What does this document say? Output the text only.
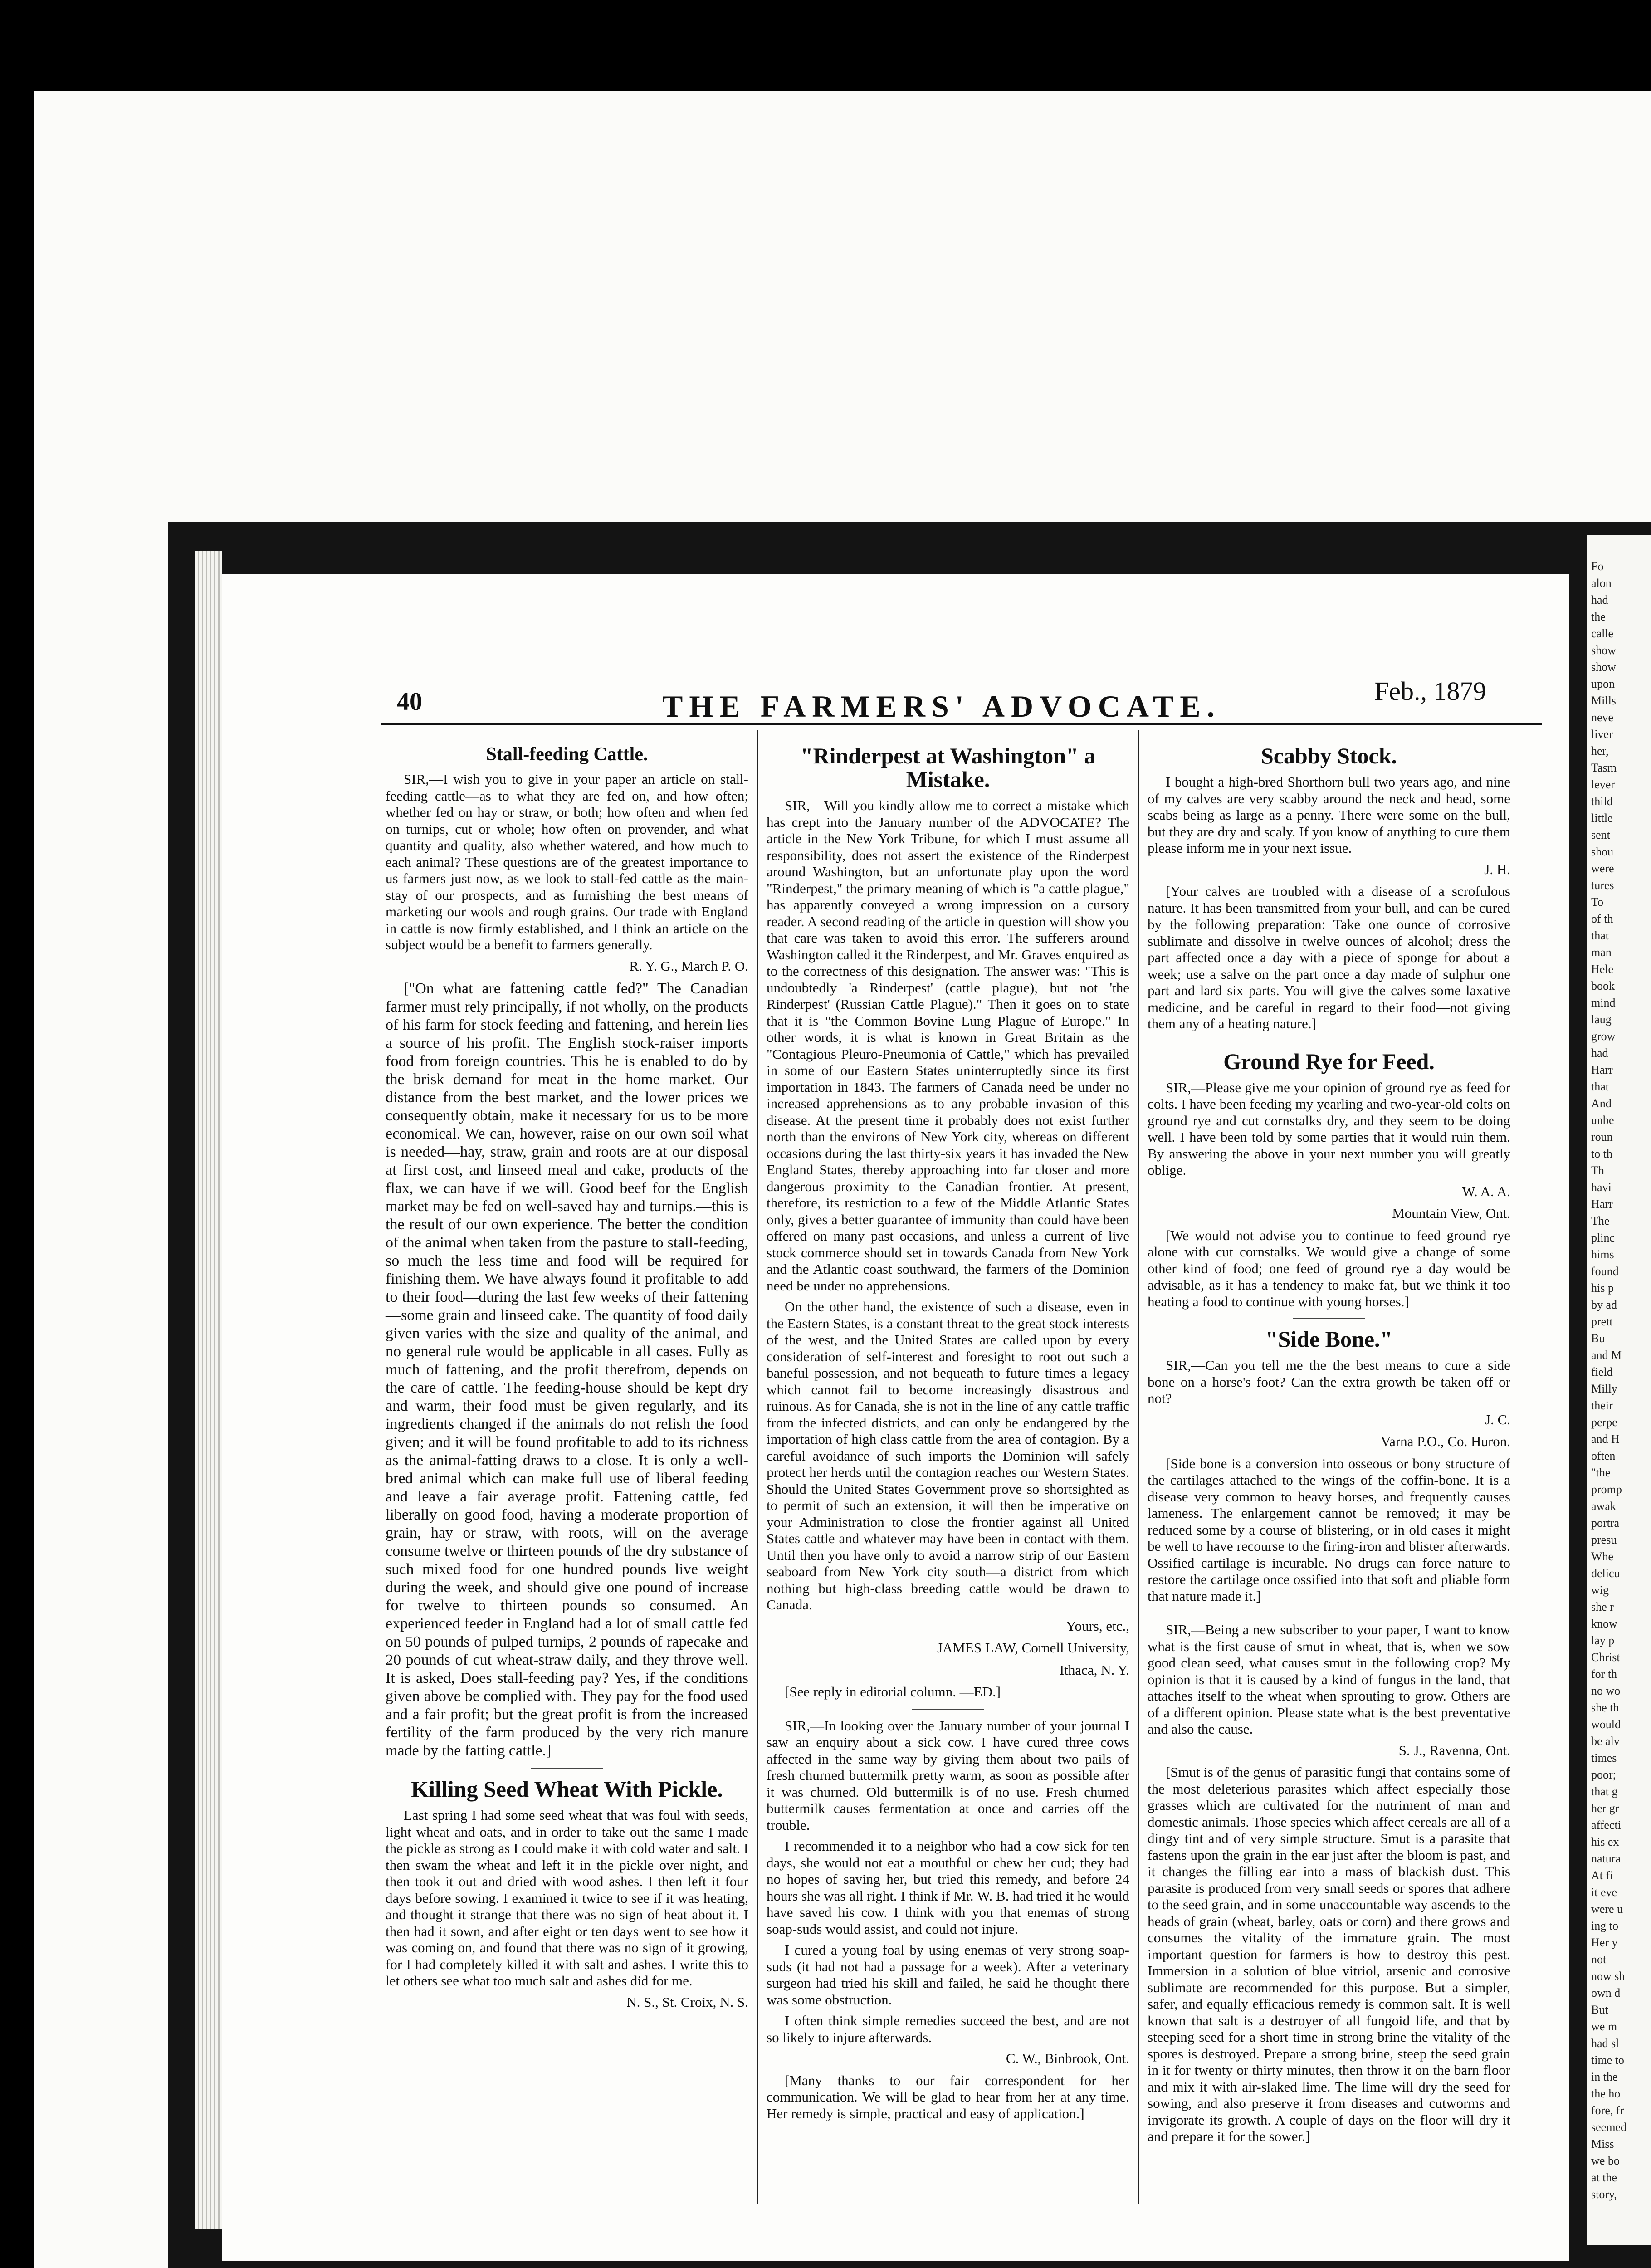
Fo
alon
had
the
calle
show
show
upon
Mills
neve
liver
her,
Tasm
lever
thild
little
sent
shou
were
tures
To
of th
that
man
Hele
book
mind
laug
grow
had
Harr
that
And
unbe
roun
to th
Th
havi
Harr
The
plinc
hims
found
his p
by ad
prett
Bu
and M
field
Milly
their
perpe
and H
often
"the
promp
awak
portra
presu
Whe
delicu
wig
she r
know
lay p
Christ
for th
no wo
she th
would
be alv
times
poor;
that g
her gr
affecti
his ex
natura
At fi
it eve
were u
ing to
Her y
not
now sh
own d
But
we m
had sl
time to
in the
the ho
fore, fr
seemed
Miss
we bo
at the
story,
40	THE FARMERS' ADVOCATE.	Feb., 1879
Stall-feeding Cattle.

SIR,—I wish you to give in your paper an article on stall-feeding cattle—as to what they are fed on, and how often; whether fed on hay or straw, or both; how often and when fed on turnips, cut or whole; how often on provender, and what quantity and quality, also whether watered, and how much to each animal? These questions are of the greatest importance to us farmers just now, as we look to stall-fed cattle as the main-stay of our prospects, and as furnishing the best means of marketing our wools and rough grains. Our trade with England in cattle is now firmly established, and I think an article on the subject would be a benefit to farmers generally.

R. Y. G., March P. O.

["On what are fattening cattle fed?" The Canadian farmer must rely principally, if not wholly, on the products of his farm for stock feeding and fattening, and herein lies a source of his profit. The English stock-raiser imports food from foreign countries. This he is enabled to do by the brisk demand for meat in the home market. Our distance from the best market, and the lower prices we consequently obtain, make it necessary for us to be more economical. We can, however, raise on our own soil what is needed—hay, straw, grain and roots are at our disposal at first cost, and linseed meal and cake, products of the flax, we can have if we will. Good beef for the English market may be fed on well-saved hay and turnips.—this is the result of our own experience. The better the condition of the animal when taken from the pasture to stall-feeding, so much the less time and food will be required for finishing them. We have always found it profitable to add to their food—during the last few weeks of their fattening—some grain and linseed cake. The quantity of food daily given varies with the size and quality of the animal, and no general rule would be applicable in all cases. Fully as much of fattening, and the profit therefrom, depends on the care of cattle. The feeding-house should be kept dry and warm, their food must be given regularly, and its ingredients changed if the animals do not relish the food given; and it will be found profitable to add to its richness as the animal-fatting draws to a close. It is only a well-bred animal which can make full use of liberal feeding and leave a fair average profit. Fattening cattle, fed liberally on good food, having a moderate proportion of grain, hay or straw, with roots, will on the average consume twelve or thirteen pounds of the dry substance of such mixed food for one hundred pounds live weight during the week, and should give one pound of increase for twelve to thirteen pounds so consumed. An experienced feeder in England had a lot of small cattle fed on 50 pounds of pulped turnips, 2 pounds of rapecake and 20 pounds of cut wheat-straw daily, and they throve well. It is asked, Does stall-feeding pay? Yes, if the conditions given above be complied with. They pay for the food used and a fair profit; but the great profit is from the increased fertility of the farm produced by the very rich manure made by the fatting cattle.]

Killing Seed Wheat With Pickle.

Last spring I had some seed wheat that was foul with seeds, light wheat and oats, and in order to take out the same I made the pickle as strong as I could make it with cold water and salt. I then swam the wheat and left it in the pickle over night, and then took it out and dried with wood ashes. I then left it four days before sowing. I examined it twice to see if it was heating, and thought it strange that there was no sign of heat about it. I then had it sown, and after eight or ten days went to see how it was coming on, and found that there was no sign of it growing, for I had completely killed it with salt and ashes. I write this to let others see what too much salt and ashes did for me.

N. S., St. Croix, N. S.

"Rinderpest at Washington" a Mistake.

SIR,—Will you kindly allow me to correct a mistake which has crept into the January number of the ADVOCATE? The article in the New York Tribune, for which I must assume all responsibility, does not assert the existence of the Rinderpest around Washington, but an unfortunate play upon the word "Rinderpest," the primary meaning of which is "a cattle plague," has apparently conveyed a wrong impression on a cursory reader. A second reading of the article in question will show you that care was taken to avoid this error. The sufferers around Washington called it the Rinderpest, and Mr. Graves enquired as to the correctness of this designation. The answer was: "This is undoubtedly 'a Rinderpest' (cattle plague), but not 'the Rinderpest' (Russian Cattle Plague)." Then it goes on to state that it is "the Common Bovine Lung Plague of Europe." In other words, it is what is known in Great Britain as the "Contagious Pleuro-Pneumonia of Cattle," which has prevailed in some of our Eastern States uninterruptedly since its first importation in 1843. The farmers of Canada need be under no increased apprehensions as to any probable invasion of this disease. At the present time it probably does not exist further north than the environs of New York city, whereas on different occasions during the last thirty-six years it has invaded the New England States, thereby approaching into far closer and more dangerous proximity to the Canadian frontier. At present, therefore, its restriction to a few of the Middle Atlantic States only, gives a better guarantee of immunity than could have been offered on many past occasions, and unless a current of live stock commerce should set in towards Canada from New York and the Atlantic coast southward, the farmers of the Dominion need be under no apprehensions.

On the other hand, the existence of such a disease, even in the Eastern States, is a constant threat to the great stock interests of the west, and the United States are called upon by every consideration of self-interest and foresight to root out such a baneful possession, and not bequeath to future times a legacy which cannot fail to become increasingly disastrous and ruinous. As for Canada, she is not in the line of any cattle traffic from the infected districts, and can only be endangered by the importation of high class cattle from the area of contagion. By a careful avoidance of such imports the Dominion will safely protect her herds until the contagion reaches our Western States. Should the United States Government prove so shortsighted as to permit of such an extension, it will then be imperative on your Administration to close the frontier against all United States cattle and whatever may have been in contact with them. Until then you have only to avoid a narrow strip of our Eastern seaboard from New York city south—a district from which nothing but high-class breeding cattle would be drawn to Canada.

Yours, etc.,

JAMES LAW, Cornell University,

Ithaca, N. Y.

[See reply in editorial column. —ED.]

SIR,—In looking over the January number of your journal I saw an enquiry about a sick cow. I have cured three cows affected in the same way by giving them about two pails of fresh churned buttermilk pretty warm, as soon as possible after it was churned. Old buttermilk is of no use. Fresh churned buttermilk causes fermentation at once and carries off the trouble.

I recommended it to a neighbor who had a cow sick for ten days, she would not eat a mouthful or chew her cud; they had no hopes of saving her, but tried this remedy, and before 24 hours she was all right. I think if Mr. W. B. had tried it he would have saved his cow. I think with you that enemas of strong soap-suds would assist, and could not injure.

I cured a young foal by using enemas of very strong soap-suds (it had not had a passage for a week). After a veterinary surgeon had tried his skill and failed, he said he thought there was some obstruction.

I often think simple remedies succeed the best, and are not so likely to injure afterwards.

C. W., Binbrook, Ont.

[Many thanks to our fair correspondent for her communication. We will be glad to hear from her at any time. Her remedy is simple, practical and easy of application.]

Scabby Stock.

I bought a high-bred Shorthorn bull two years ago, and nine of my calves are very scabby around the neck and head, some scabs being as large as a penny. There were some on the bull, but they are dry and scaly. If you know of anything to cure them please inform me in your next issue.

J. H.

[Your calves are troubled with a disease of a scrofulous nature. It has been transmitted from your bull, and can be cured by the following preparation: Take one ounce of corrosive sublimate and dissolve in twelve ounces of alcohol; dress the part affected once a day with a piece of sponge for about a week; use a salve on the part once a day made of sulphur one part and lard six parts. You will give the calves some laxative medicine, and be careful in regard to their food—not giving them any of a heating nature.]

Ground Rye for Feed.

SIR,—Please give me your opinion of ground rye as feed for colts. I have been feeding my yearling and two-year-old colts on ground rye and cut cornstalks dry, and they seem to be doing well. I have been told by some parties that it would ruin them. By answering the above in your next number you will greatly oblige.

W. A. A.

Mountain View, Ont.

[We would not advise you to continue to feed ground rye alone with cut cornstalks. We would give a change of some other kind of food; one feed of ground rye a day would be advisable, as it has a tendency to make fat, but we think it too heating a food to continue with young horses.]

"Side Bone."

SIR,—Can you tell me the the best means to cure a side bone on a horse's foot? Can the extra growth be taken off or not?

J. C.

Varna P.O., Co. Huron.

[Side bone is a conversion into osseous or bony structure of the cartilages attached to the wings of the coffin-bone. It is a disease very common to heavy horses, and frequently causes lameness. The enlargement cannot be removed; it may be reduced some by a course of blistering, or in old cases it might be well to have recourse to the firing-iron and blister afterwards. Ossified cartilage is incurable. No drugs can force nature to restore the cartilage once ossified into that soft and pliable form that nature made it.]

SIR,—Being a new subscriber to your paper, I want to know what is the first cause of smut in wheat, that is, when we sow good clean seed, what causes smut in the following crop? My opinion is that it is caused by a kind of fungus in the land, that attaches itself to the wheat when sprouting to grow. Others are of a different opinion. Please state what is the best preventative and also the cause.

S. J., Ravenna, Ont.

[Smut is of the genus of parasitic fungi that contains some of the most deleterious parasites which affect especially those grasses which are cultivated for the nutriment of man and domestic animals. Those species which affect cereals are all of a dingy tint and of very simple structure. Smut is a parasite that fastens upon the grain in the ear just after the bloom is past, and it changes the filling ear into a mass of blackish dust. This parasite is produced from very small seeds or spores that adhere to the seed grain, and in some unaccountable way ascends to the heads of grain (wheat, barley, oats or corn) and there grows and consumes the vitality of the immature grain. The most important question for farmers is how to destroy this pest. Immersion in a solution of blue vitriol, arsenic and corrosive sublimate are recommended for this purpose. But a simpler, safer, and equally efficacious remedy is common salt. It is well known that salt is a destroyer of all fungoid life, and that by steeping seed for a short time in strong brine the vitality of the spores is destroyed. Prepare a strong brine, steep the seed grain in it for twenty or thirty minutes, then throw it on the barn floor and mix it with air-slaked lime. The lime will dry the seed for sowing, and also preserve it from diseases and cutworms and invigorate its growth. A couple of days on the floor will dry it and prepare it for the sower.]
